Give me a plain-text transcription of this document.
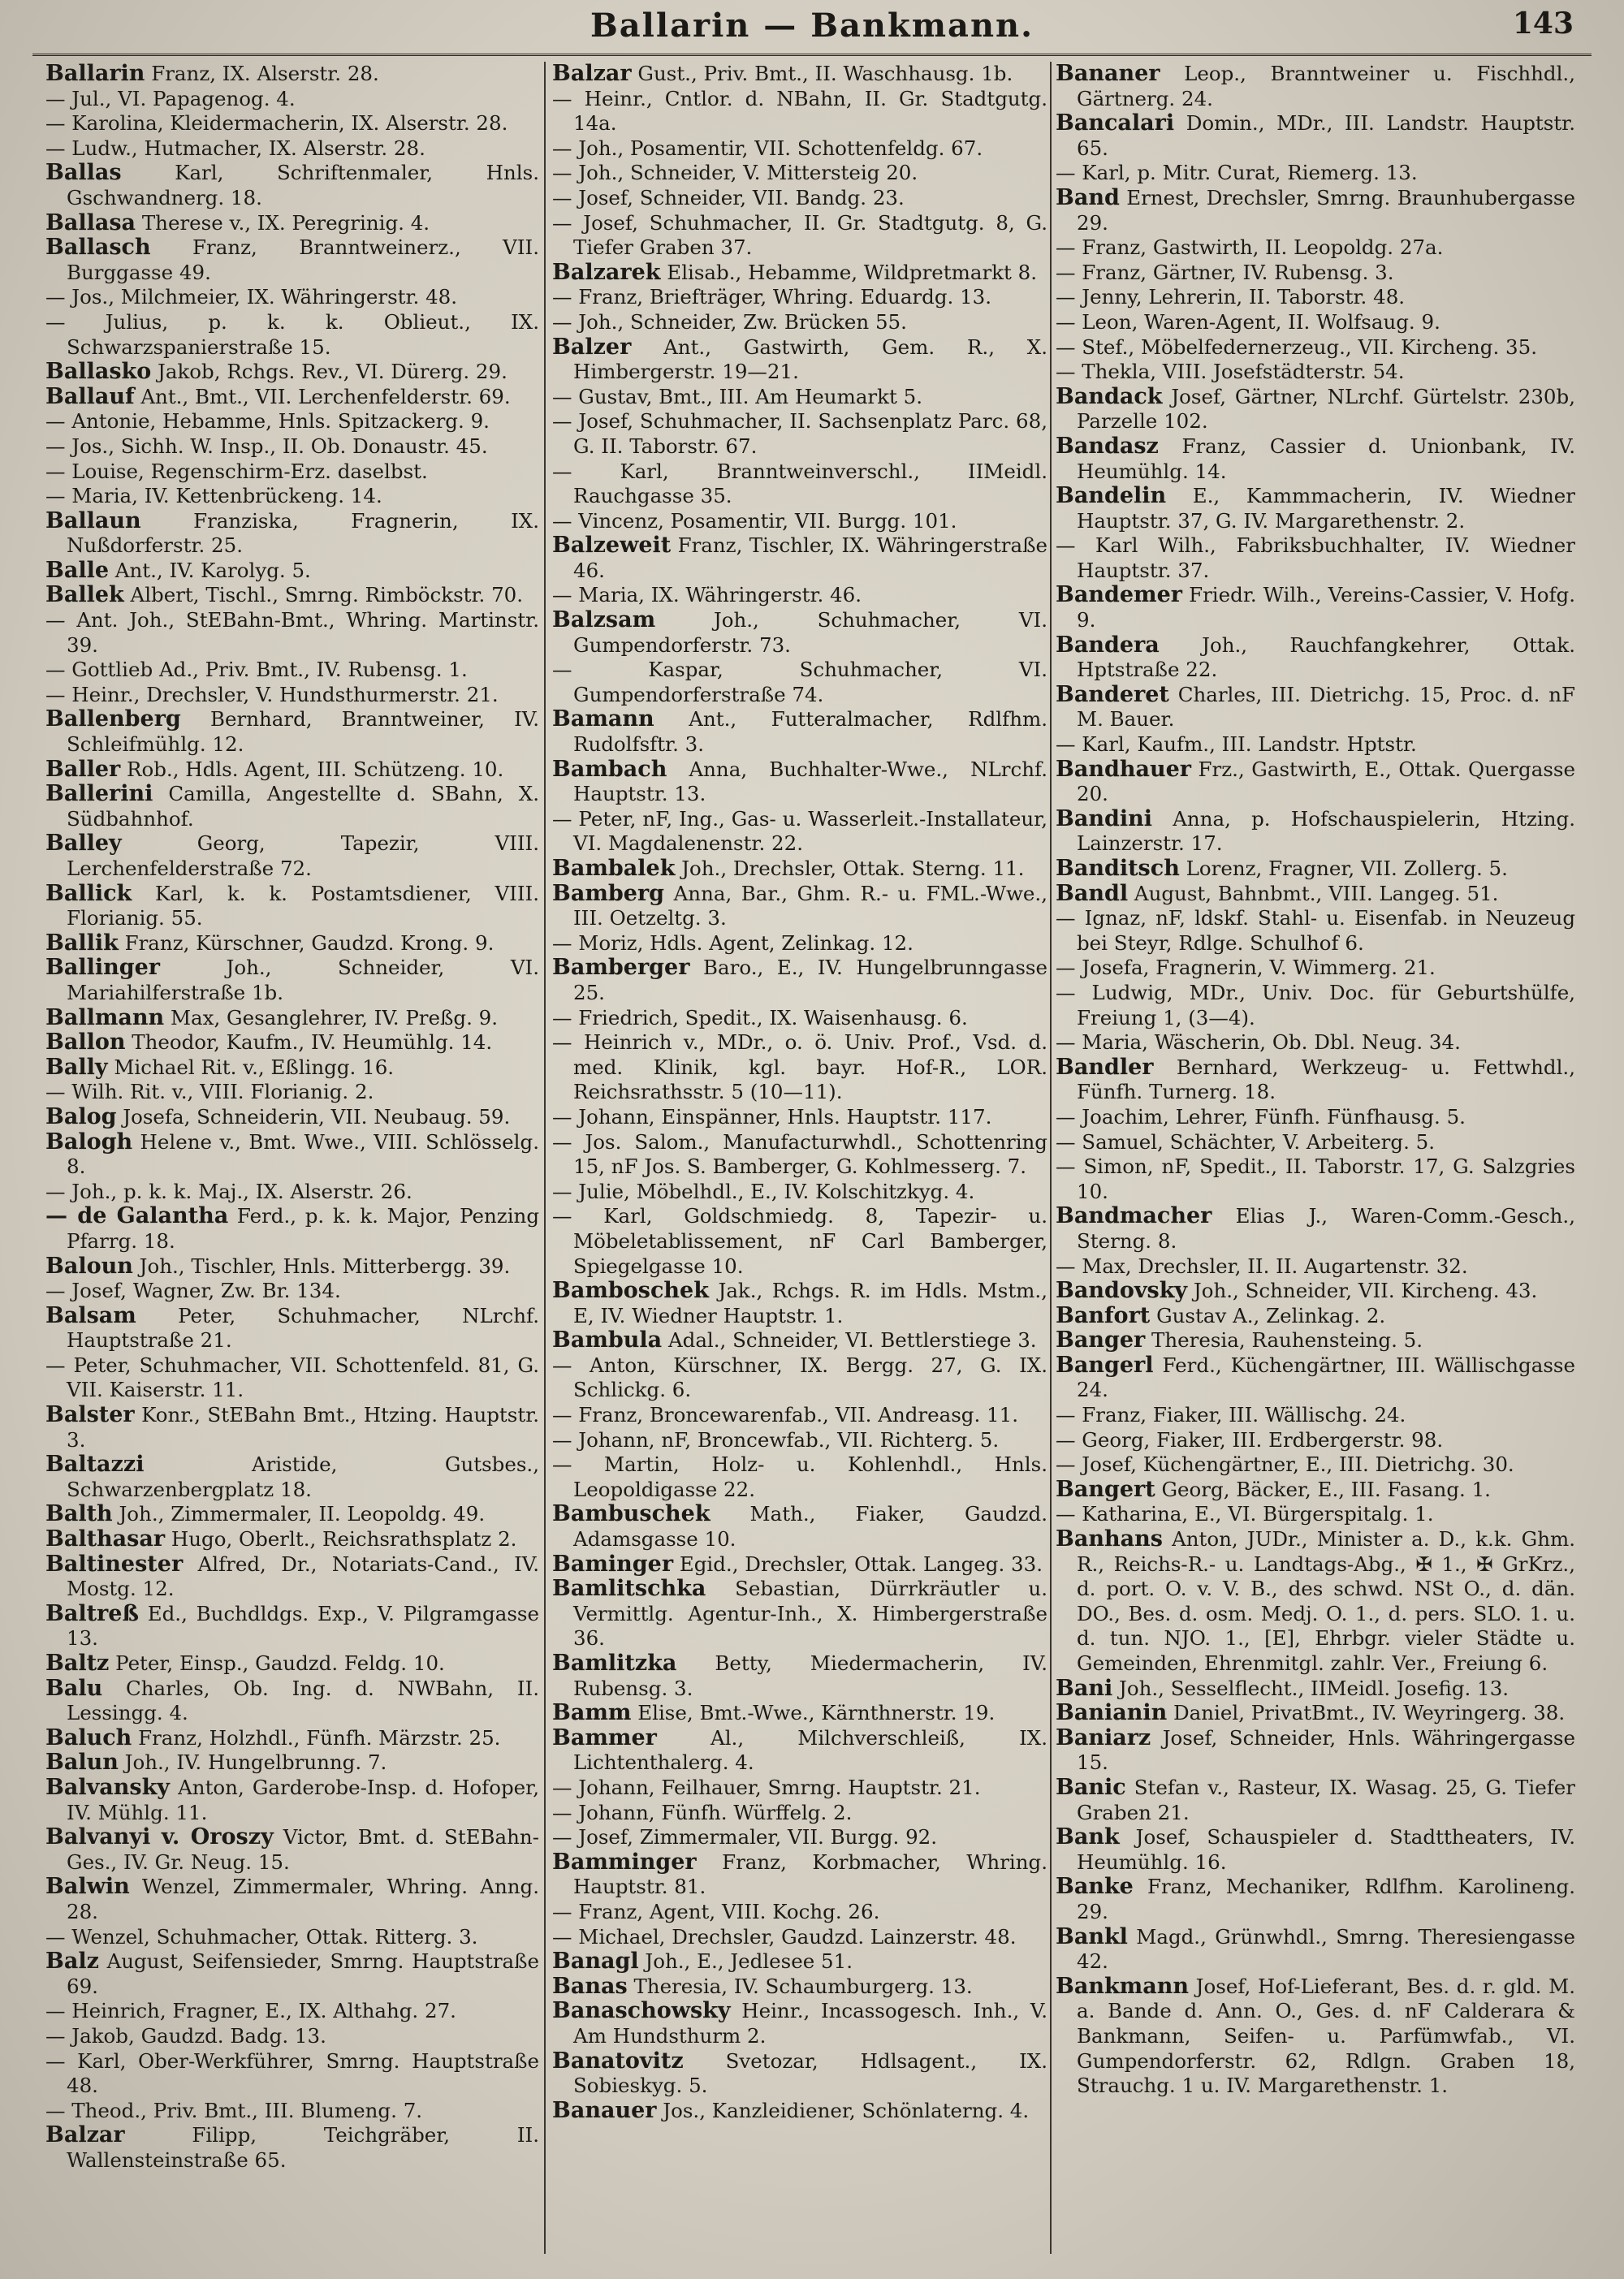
Ballarin — Bankmann.	143

Ballarin Franz, IX. Alserstr. 28.

— Jul., VI. Papagenog. 4.

— Karolina, Kleidermacherin, IX. Alserstr. 28.

— Ludw., Hutmacher, IX. Alserstr. 28.

Ballas Karl, Schriftenmaler, Hnls. Gschwandnerg. 18.

Ballasa Therese v., IX. Peregrinig. 4.

Ballasch Franz, Branntweinerz., VII. Burggasse 49.

— Jos., Milchmeier, IX. Währingerstr. 48.

— Julius, p. k. k. Oblieut., IX. Schwarzspanierstraße 15.

Ballasko Jakob, Rchgs. Rev., VI. Dürerg. 29.

Ballauf Ant., Bmt., VII. Lerchenfelderstr. 69.

— Antonie, Hebamme, Hnls. Spitzackerg. 9.

— Jos., Sichh. W. Insp., II. Ob. Donaustr. 45.

— Louise, Regenschirm-Erz. daselbst.

— Maria, IV. Kettenbrückeng. 14.

Ballaun Franziska, Fragnerin, IX. Nußdorferstr. 25.

Balle Ant., IV. Karolyg. 5.

Ballek Albert, Tischl., Smrng. Rimböckstr. 70.

— Ant. Joh., StEBahn-Bmt., Whring. Martinstr. 39.

— Gottlieb Ad., Priv. Bmt., IV. Rubensg. 1.

— Heinr., Drechsler, V. Hundsthurmerstr. 21.

Ballenberg Bernhard, Branntweiner, IV. Schleifmühlg. 12.

Baller Rob., Hdls. Agent, III. Schützeng. 10.

Ballerini Camilla, Angestellte d. SBahn, X. Südbahnhof.

Balley Georg, Tapezir, VIII. Lerchenfelderstraße 72.

Ballick Karl, k. k. Postamtsdiener, VIII. Florianig. 55.

Ballik Franz, Kürschner, Gaudzd. Krong. 9.

Ballinger Joh., Schneider, VI. Mariahilferstraße 1b.

Ballmann Max, Gesanglehrer, IV. Preßg. 9.

Ballon Theodor, Kaufm., IV. Heumühlg. 14.

Bally Michael Rit. v., Eßlingg. 16.

— Wilh. Rit. v., VIII. Florianig. 2.

Balog Josefa, Schneiderin, VII. Neubaug. 59.

Balogh Helene v., Bmt. Wwe., VIII. Schlösselg. 8.

— Joh., p. k. k. Maj., IX. Alserstr. 26.

— de Galantha Ferd., p. k. k. Major, Penzing Pfarrg. 18.

Baloun Joh., Tischler, Hnls. Mitterbergg. 39.

— Josef, Wagner, Zw. Br. 134.

Balsam Peter, Schuhmacher, NLrchf. Hauptstraße 21.

— Peter, Schuhmacher, VII. Schottenfeld. 81, G. VII. Kaiserstr. 11.

Balster Konr., StEBahn Bmt., Htzing. Hauptstr. 3.

Baltazzi Aristide, Gutsbes., Schwarzenbergplatz 18.

Balth Joh., Zimmermaler, II. Leopoldg. 49.

Balthasar Hugo, Oberlt., Reichsrathsplatz 2.

Baltinester Alfred, Dr., Notariats-Cand., IV. Mostg. 12.

Baltreß Ed., Buchdldgs. Exp., V. Pilgramgasse 13.

Baltz Peter, Einsp., Gaudzd. Feldg. 10.

Balu Charles, Ob. Ing. d. NWBahn, II. Lessingg. 4.

Baluch Franz, Holzhdl., Fünfh. Märzstr. 25.

Balun Joh., IV. Hungelbrunng. 7.

Balvansky Anton, Garderobe-Insp. d. Hofoper, IV. Mühlg. 11.

Balvanyi v. Oroszy Victor, Bmt. d. StEBahn-Ges., IV. Gr. Neug. 15.

Balwin Wenzel, Zimmermaler, Whring. Anng. 28.

— Wenzel, Schuhmacher, Ottak. Ritterg. 3.

Balz August, Seifensieder, Smrng. Hauptstraße 69.

— Heinrich, Fragner, E., IX. Althahg. 27.

— Jakob, Gaudzd. Badg. 13.

— Karl, Ober-Werkführer, Smrng. Hauptstraße 48.

— Theod., Priv. Bmt., III. Blumeng. 7.

Balzar Filipp, Teichgräber, II. Wallensteinstraße 65.

Balzar Gust., Priv. Bmt., II. Waschhausg. 1b.

— Heinr., Cntlor. d. NBahn, II. Gr. Stadtgutg. 14a.

— Joh., Posamentir, VII. Schottenfeldg. 67.

— Joh., Schneider, V. Mittersteig 20.

— Josef, Schneider, VII. Bandg. 23.

— Josef, Schuhmacher, II. Gr. Stadtgutg. 8, G. Tiefer Graben 37.

Balzarek Elisab., Hebamme, Wildpretmarkt 8.

— Franz, Briefträger, Whring. Eduardg. 13.

— Joh., Schneider, Zw. Brücken 55.

Balzer Ant., Gastwirth, Gem. R., X. Himbergerstr. 19—21.

— Gustav, Bmt., III. Am Heumarkt 5.

— Josef, Schuhmacher, II. Sachsenplatz Parc. 68, G. II. Taborstr. 67.

— Karl, Branntweinverschl., IIMeidl. Rauchgasse 35.

— Vincenz, Posamentir, VII. Burgg. 101.

Balzeweit Franz, Tischler, IX. Währingerstraße 46.

— Maria, IX. Währingerstr. 46.

Balzsam Joh., Schuhmacher, VI. Gumpendorferstr. 73.

— Kaspar, Schuhmacher, VI. Gumpendorferstraße 74.

Bamann Ant., Futteralmacher, Rdlfhm. Rudolfsftr. 3.

Bambach Anna, Buchhalter-Wwe., NLrchf. Hauptstr. 13.

— Peter, nF, Ing., Gas- u. Wasserleit.-Installateur, VI. Magdalenenstr. 22.

Bambalek Joh., Drechsler, Ottak. Sterng. 11.

Bamberg Anna, Bar., Ghm. R.- u. FML.-Wwe., III. Oetzeltg. 3.

— Moriz, Hdls. Agent, Zelinkag. 12.

Bamberger Baro., E., IV. Hungelbrunngasse 25.

— Friedrich, Spedit., IX. Waisenhausg. 6.

— Heinrich v., MDr., o. ö. Univ. Prof., Vsd. d. med. Klinik, kgl. bayr. Hof-R., LOR. Reichsrathsstr. 5 (10—11).

— Johann, Einspänner, Hnls. Hauptstr. 117.

— Jos. Salom., Manufacturwhdl., Schottenring 15, nF Jos. S. Bamberger, G. Kohlmesserg. 7.

— Julie, Möbelhdl., E., IV. Kolschitzkyg. 4.

— Karl, Goldschmiedg. 8, Tapezir- u. Möbeletablissement, nF Carl Bamberger, Spiegelgasse 10.

Bamboschek Jak., Rchgs. R. im Hdls. Mstm., E, IV. Wiedner Hauptstr. 1.

Bambula Adal., Schneider, VI. Bettlerstiege 3.

— Anton, Kürschner, IX. Bergg. 27, G. IX. Schlickg. 6.

— Franz, Broncewarenfab., VII. Andreasg. 11.

— Johann, nF, Broncewfab., VII. Richterg. 5.

— Martin, Holz- u. Kohlenhdl., Hnls. Leopoldigasse 22.

Bambuschek Math., Fiaker, Gaudzd. Adamsgasse 10.

Baminger Egid., Drechsler, Ottak. Langeg. 33.

Bamlitschka Sebastian, Dürrkräutler u. Vermittlg. Agentur-Inh., X. Himbergerstraße 36.

Bamlitzka Betty, Miedermacherin, IV. Rubensg. 3.

Bamm Elise, Bmt.-Wwe., Kärnthnerstr. 19.

Bammer Al., Milchverschleiß, IX. Lichtenthalerg. 4.

— Johann, Feilhauer, Smrng. Hauptstr. 21.

— Johann, Fünfh. Würffelg. 2.

— Josef, Zimmermaler, VII. Burgg. 92.

Bamminger Franz, Korbmacher, Whring. Hauptstr. 81.

— Franz, Agent, VIII. Kochg. 26.

— Michael, Drechsler, Gaudzd. Lainzerstr. 48.

Banagl Joh., E., Jedlesee 51.

Banas Theresia, IV. Schaumburgerg. 13.

Banaschowsky Heinr., Incassogesch. Inh., V. Am Hundsthurm 2.

Banatovitz Svetozar, Hdlsagent., IX. Sobieskyg. 5.

Banauer Jos., Kanzleidiener, Schönlaterng. 4.

Bananer Leop., Branntweiner u. Fischhdl., Gärtnerg. 24.

Bancalari Domin., MDr., III. Landstr. Hauptstr. 65.

— Karl, p. Mitr. Curat, Riemerg. 13.

Band Ernest, Drechsler, Smrng. Braunhubergasse 29.

— Franz, Gastwirth, II. Leopoldg. 27a.

— Franz, Gärtner, IV. Rubensg. 3.

— Jenny, Lehrerin, II. Taborstr. 48.

— Leon, Waren-Agent, II. Wolfsaug. 9.

— Stef., Möbelfedernerzeug., VII. Kircheng. 35.

— Thekla, VIII. Josefstädterstr. 54.

Bandack Josef, Gärtner, NLrchf. Gürtelstr. 230b, Parzelle 102.

Bandasz Franz, Cassier d. Unionbank, IV. Heumühlg. 14.

Bandelin E., Kammmacherin, IV. Wiedner Hauptstr. 37, G. IV. Margarethenstr. 2.

— Karl Wilh., Fabriksbuchhalter, IV. Wiedner Hauptstr. 37.

Bandemer Friedr. Wilh., Vereins-Cassier, V. Hofg. 9.

Bandera Joh., Rauchfangkehrer, Ottak. Hptstraße 22.

Banderet Charles, III. Dietrichg. 15, Proc. d. nF M. Bauer.

— Karl, Kaufm., III. Landstr. Hptstr.

Bandhauer Frz., Gastwirth, E., Ottak. Quergasse 20.

Bandini Anna, p. Hofschauspielerin, Htzing. Lainzerstr. 17.

Banditsch Lorenz, Fragner, VII. Zollerg. 5.

Bandl August, Bahnbmt., VIII. Langeg. 51.

— Ignaz, nF, ldskf. Stahl- u. Eisenfab. in Neuzeug bei Steyr, Rdlge. Schulhof 6.

— Josefa, Fragnerin, V. Wimmerg. 21.

— Ludwig, MDr., Univ. Doc. für Geburtshülfe, Freiung 1, (3—4).

— Maria, Wäscherin, Ob. Dbl. Neug. 34.

Bandler Bernhard, Werkzeug- u. Fettwhdl., Fünfh. Turnerg. 18.

— Joachim, Lehrer, Fünfh. Fünfhausg. 5.

— Samuel, Schächter, V. Arbeiterg. 5.

— Simon, nF, Spedit., II. Taborstr. 17, G. Salzgries 10.

Bandmacher Elias J., Waren-Comm.-Gesch., Sterng. 8.

— Max, Drechsler, II. II. Augartenstr. 32.

Bandovsky Joh., Schneider, VII. Kircheng. 43.

Banfort Gustav A., Zelinkag. 2.

Banger Theresia, Rauhensteing. 5.

Bangerl Ferd., Küchengärtner, III. Wällischgasse 24.

— Franz, Fiaker, III. Wällischg. 24.

— Georg, Fiaker, III. Erdbergerstr. 98.

— Josef, Küchengärtner, E., III. Dietrichg. 30.

Bangert Georg, Bäcker, E., III. Fasang. 1.

— Katharina, E., VI. Bürgerspitalg. 1.

Banhans Anton, JUDr., Minister a. D., k.k. Ghm. R., Reichs-R.- u. Landtags-Abg., ✠ 1., ✠ GrKrz., d. port. O. v. V. B., des schwd. NSt O., d. dän. DO., Bes. d. osm. Medj. O. 1., d. pers. SLO. 1. u. d. tun. NJO. 1., [E], Ehrbgr. vieler Städte u. Gemeinden, Ehrenmitgl. zahlr. Ver., Freiung 6.

Bani Joh., Sesselflecht., IIMeidl. Josefig. 13.

Banianin Daniel, PrivatBmt., IV. Weyringerg. 38.

Baniarz Josef, Schneider, Hnls. Währingergasse 15.

Banic Stefan v., Rasteur, IX. Wasag. 25, G. Tiefer Graben 21.

Bank Josef, Schauspieler d. Stadttheaters, IV. Heumühlg. 16.

Banke Franz, Mechaniker, Rdlfhm. Karolineng. 29.

Bankl Magd., Grünwhdl., Smrng. Theresiengasse 42.

Bankmann Josef, Hof-Lieferant, Bes. d. r. gld. M. a. Bande d. Ann. O., Ges. d. nF Calderara & Bankmann, Seifen- u. Parfümwfab., VI. Gumpendorferstr. 62, Rdlgn. Graben 18, Strauchg. 1 u. IV. Margarethenstr. 1.
